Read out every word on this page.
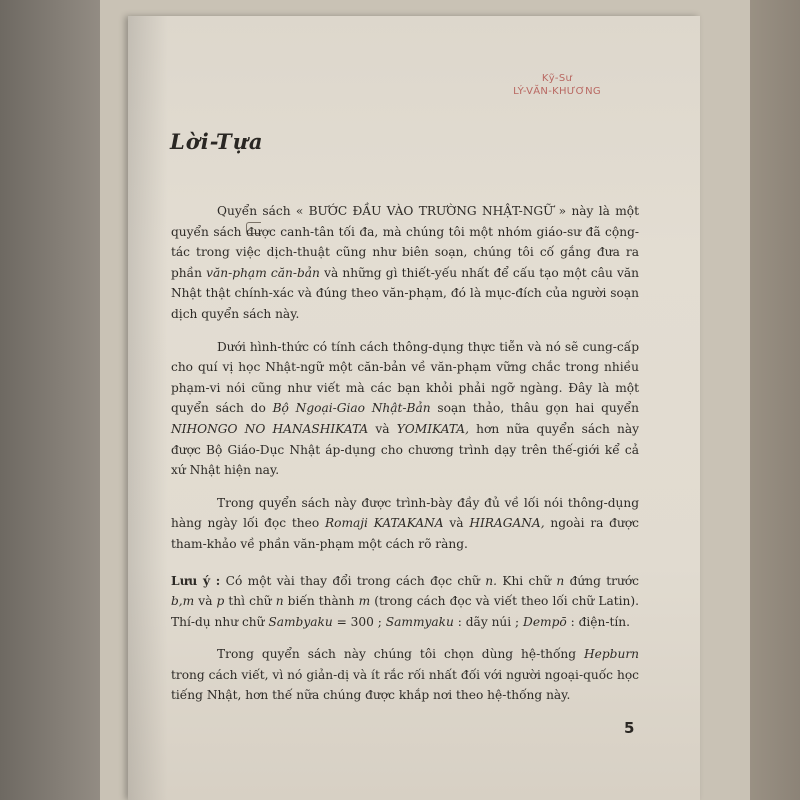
Kỹ-Sư
LÝ-VĂN-KHƯƠNG
Lời-Tựa

Quyển sách « BƯỚC ĐẦU VÀO TRƯỜNG NHẬT-NGỮ » này là một quyển sách được canh-tân tối đa, mà chúng tôi một nhóm giáo-sư đã cộng-tác trong việc dịch-thuật cũng như biên soạn, chúng tôi cố gắng đưa ra phần văn-phạm căn-bản và những gì thiết-yếu nhất để cấu tạo một câu văn Nhật thật chính-xác và đúng theo văn-phạm, đó là mục-đích của người soạn dịch quyển sách này.

Dưới hình-thức có tính cách thông-dụng thực tiễn và nó sẽ cung-cấp cho quí vị học Nhật-ngữ một căn-bản về văn-phạm vững chắc trong nhiều phạm-vi nói cũng như viết mà các bạn khỏi phải ngỡ ngàng. Đây là một quyển sách do Bộ Ngoại-Giao Nhật-Bản soạn thảo, thâu gọn hai quyển NIHONGO NO HANASHIKATA và YOMIKATA, hơn nữa quyển sách này được Bộ Giáo-Dục Nhật áp-dụng cho chương trình dạy trên thế-giới kể cả xứ Nhật hiện nay.

Trong quyển sách này được trình-bày đầy đủ về lối nói thông-dụng hàng ngày lối đọc theo Romaji KATAKANA và HIRAGANA, ngoài ra được tham-khảo về phần văn-phạm một cách rõ ràng.

Lưu ý : Có một vài thay đổi trong cách đọc chữ n. Khi chữ n đứng trước b,m và p thì chữ n biến thành m (trong cách đọc và viết theo lối chữ Latin). Thí-dụ như chữ Sambyaku = 300 ; Sammyaku : dãy núi ; Dempō : điện-tín.

Trong quyển sách này chúng tôi chọn dùng hệ-thống Hepburn trong cách viết, vì nó giản-dị và ít rắc rối nhất đối với người ngoại-quốc học tiếng Nhật, hơn thế nữa chúng được khắp nơi theo hệ-thống này.

5
